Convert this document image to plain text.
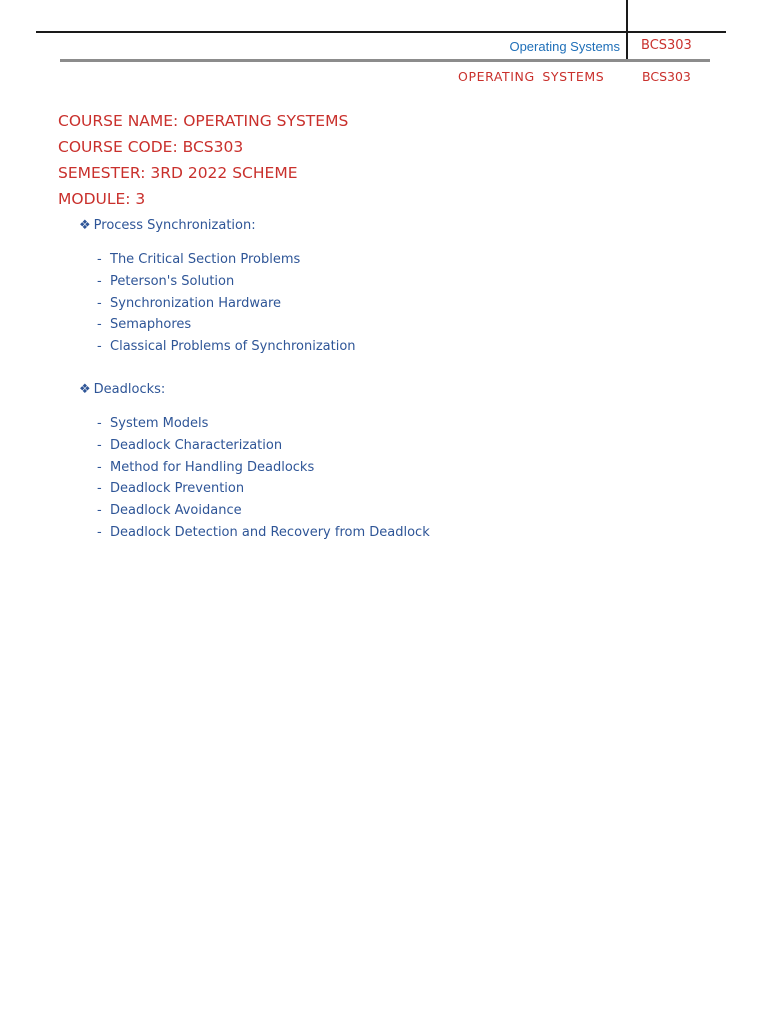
Operating Systems BCS303
OPERATING SYSTEMS	BCS303
COURSE NAME: OPERATING SYSTEMS
COURSE CODE: BCS303
SEMESTER: 3RD 2022 SCHEME
MODULE: 3
❖ Process Synchronization:
- The Critical Section Problems
- Peterson's Solution
- Synchronization Hardware
- Semaphores
- Classical Problems of Synchronization
❖ Deadlocks:
- System Models
- Deadlock Characterization
- Method for Handling Deadlocks
- Deadlock Prevention
- Deadlock Avoidance
- Deadlock Detection and Recovery from Deadlock
